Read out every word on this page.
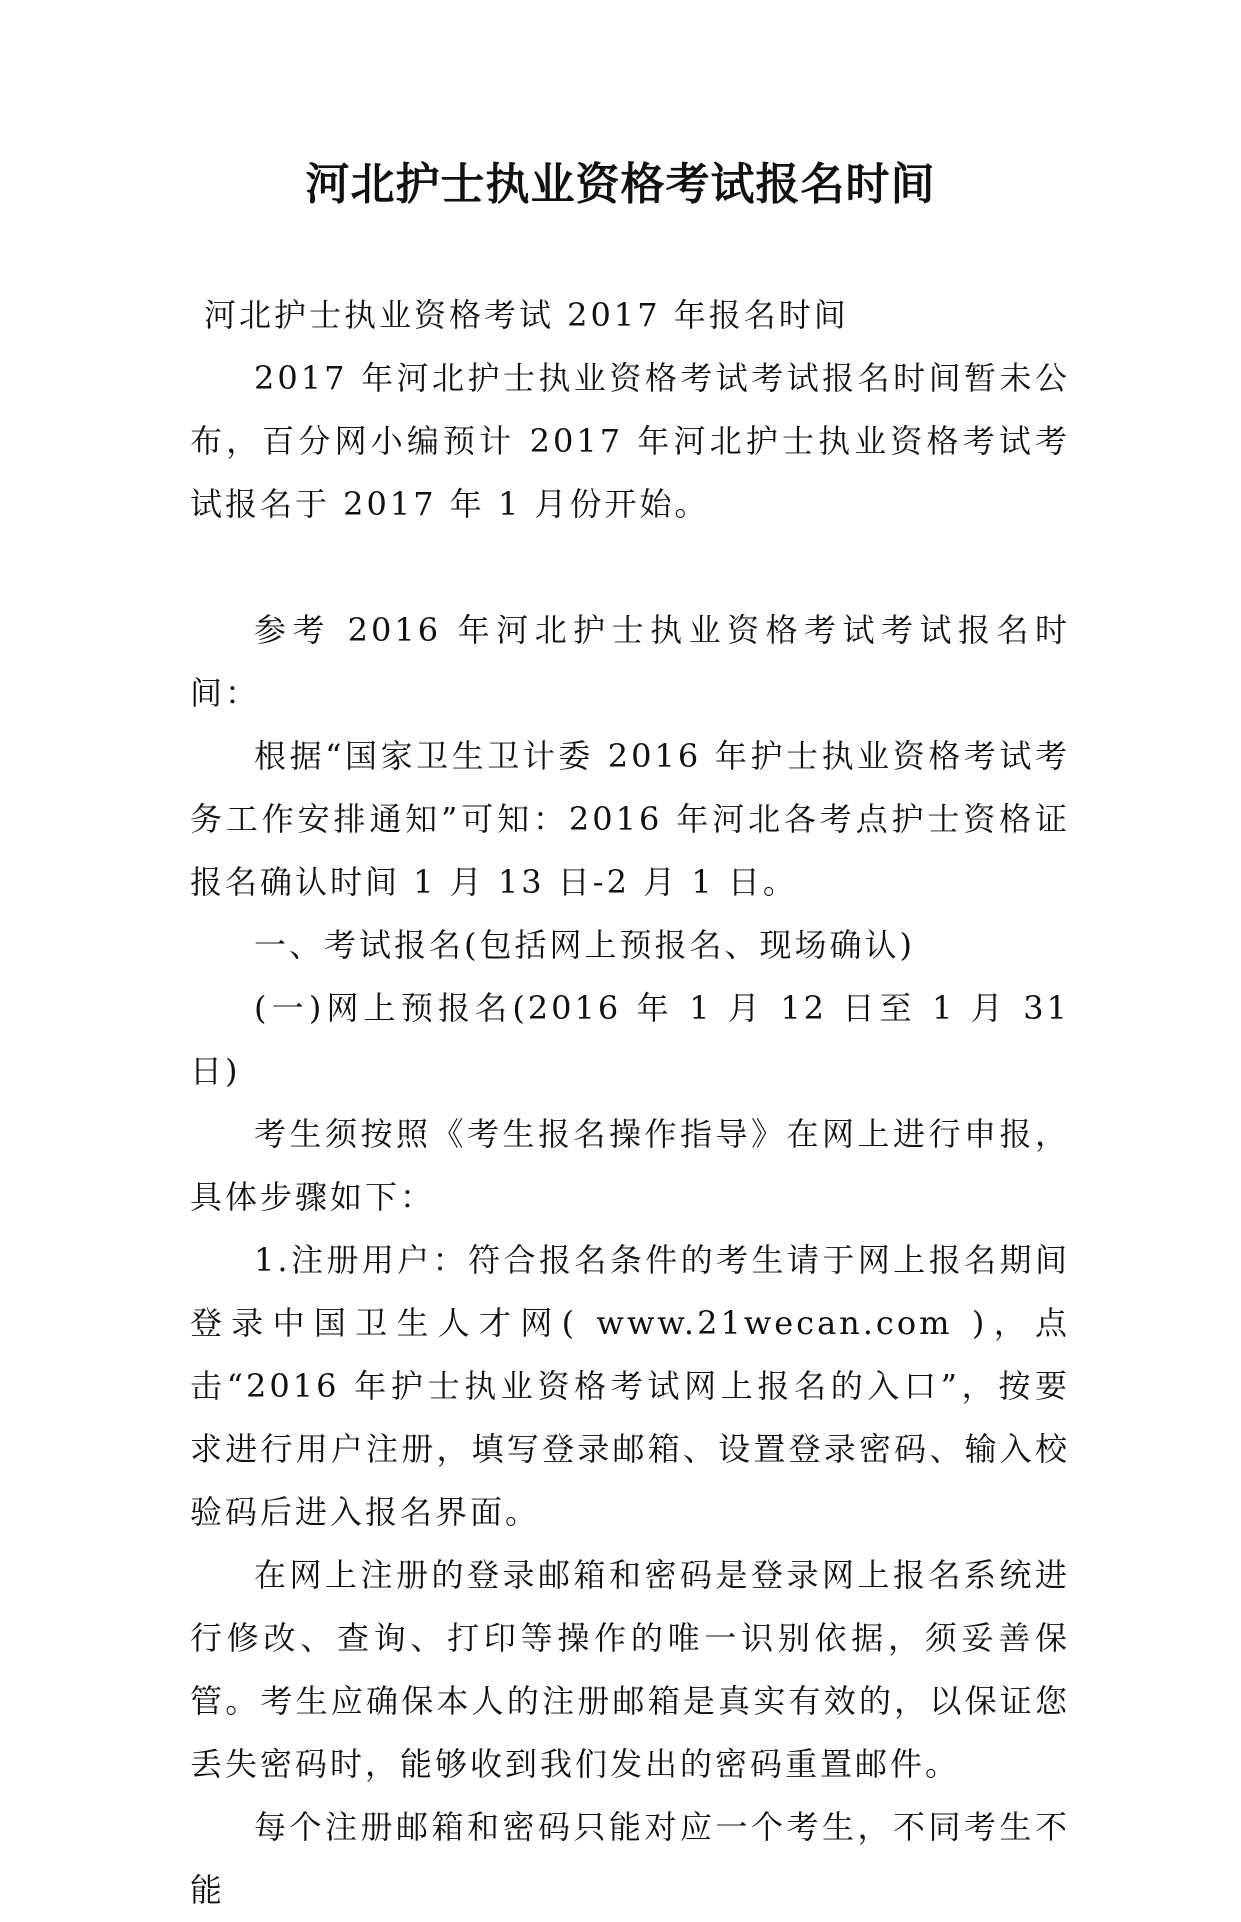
河北护士执业资格考试报名时间

河北护士执业资格考试 2017 年报名时间

2017 年河北护士执业资格考试考试报名时间暂未公布，百分网小编预计 2017 年河北护士执业资格考试考试报名于 2017 年 1 月份开始。

参考 2016 年河北护士执业资格考试考试报名时间：

根据“国家卫生卫计委 2016 年护士执业资格考试考务工作安排通知”可知：2016 年河北各考点护士资格证报名确认时间 1 月 13 日-2 月 1 日。

一、考试报名(包括网上预报名、现场确认)

(一)网上预报名(2016 年 1 月 12 日至 1 月 31 日)

考生须按照《考生报名操作指导》在网上进行申报，具体步骤如下：

1.注册用户：符合报名条件的考生请于网上报名期间登录中国卫生人才网( www.21wecan.com )，点击“2016 年护士执业资格考试网上报名的入口”，按要求进行用户注册，填写登录邮箱、设置登录密码、输入校验码后进入报名界面。

在网上注册的登录邮箱和密码是登录网上报名系统进行修改、查询、打印等操作的唯一识别依据，须妥善保管。考生应确保本人的注册邮箱是真实有效的，以保证您丢失密码时，能够收到我们发出的密码重置邮件。

每个注册邮箱和密码只能对应一个考生，不同考生不能
